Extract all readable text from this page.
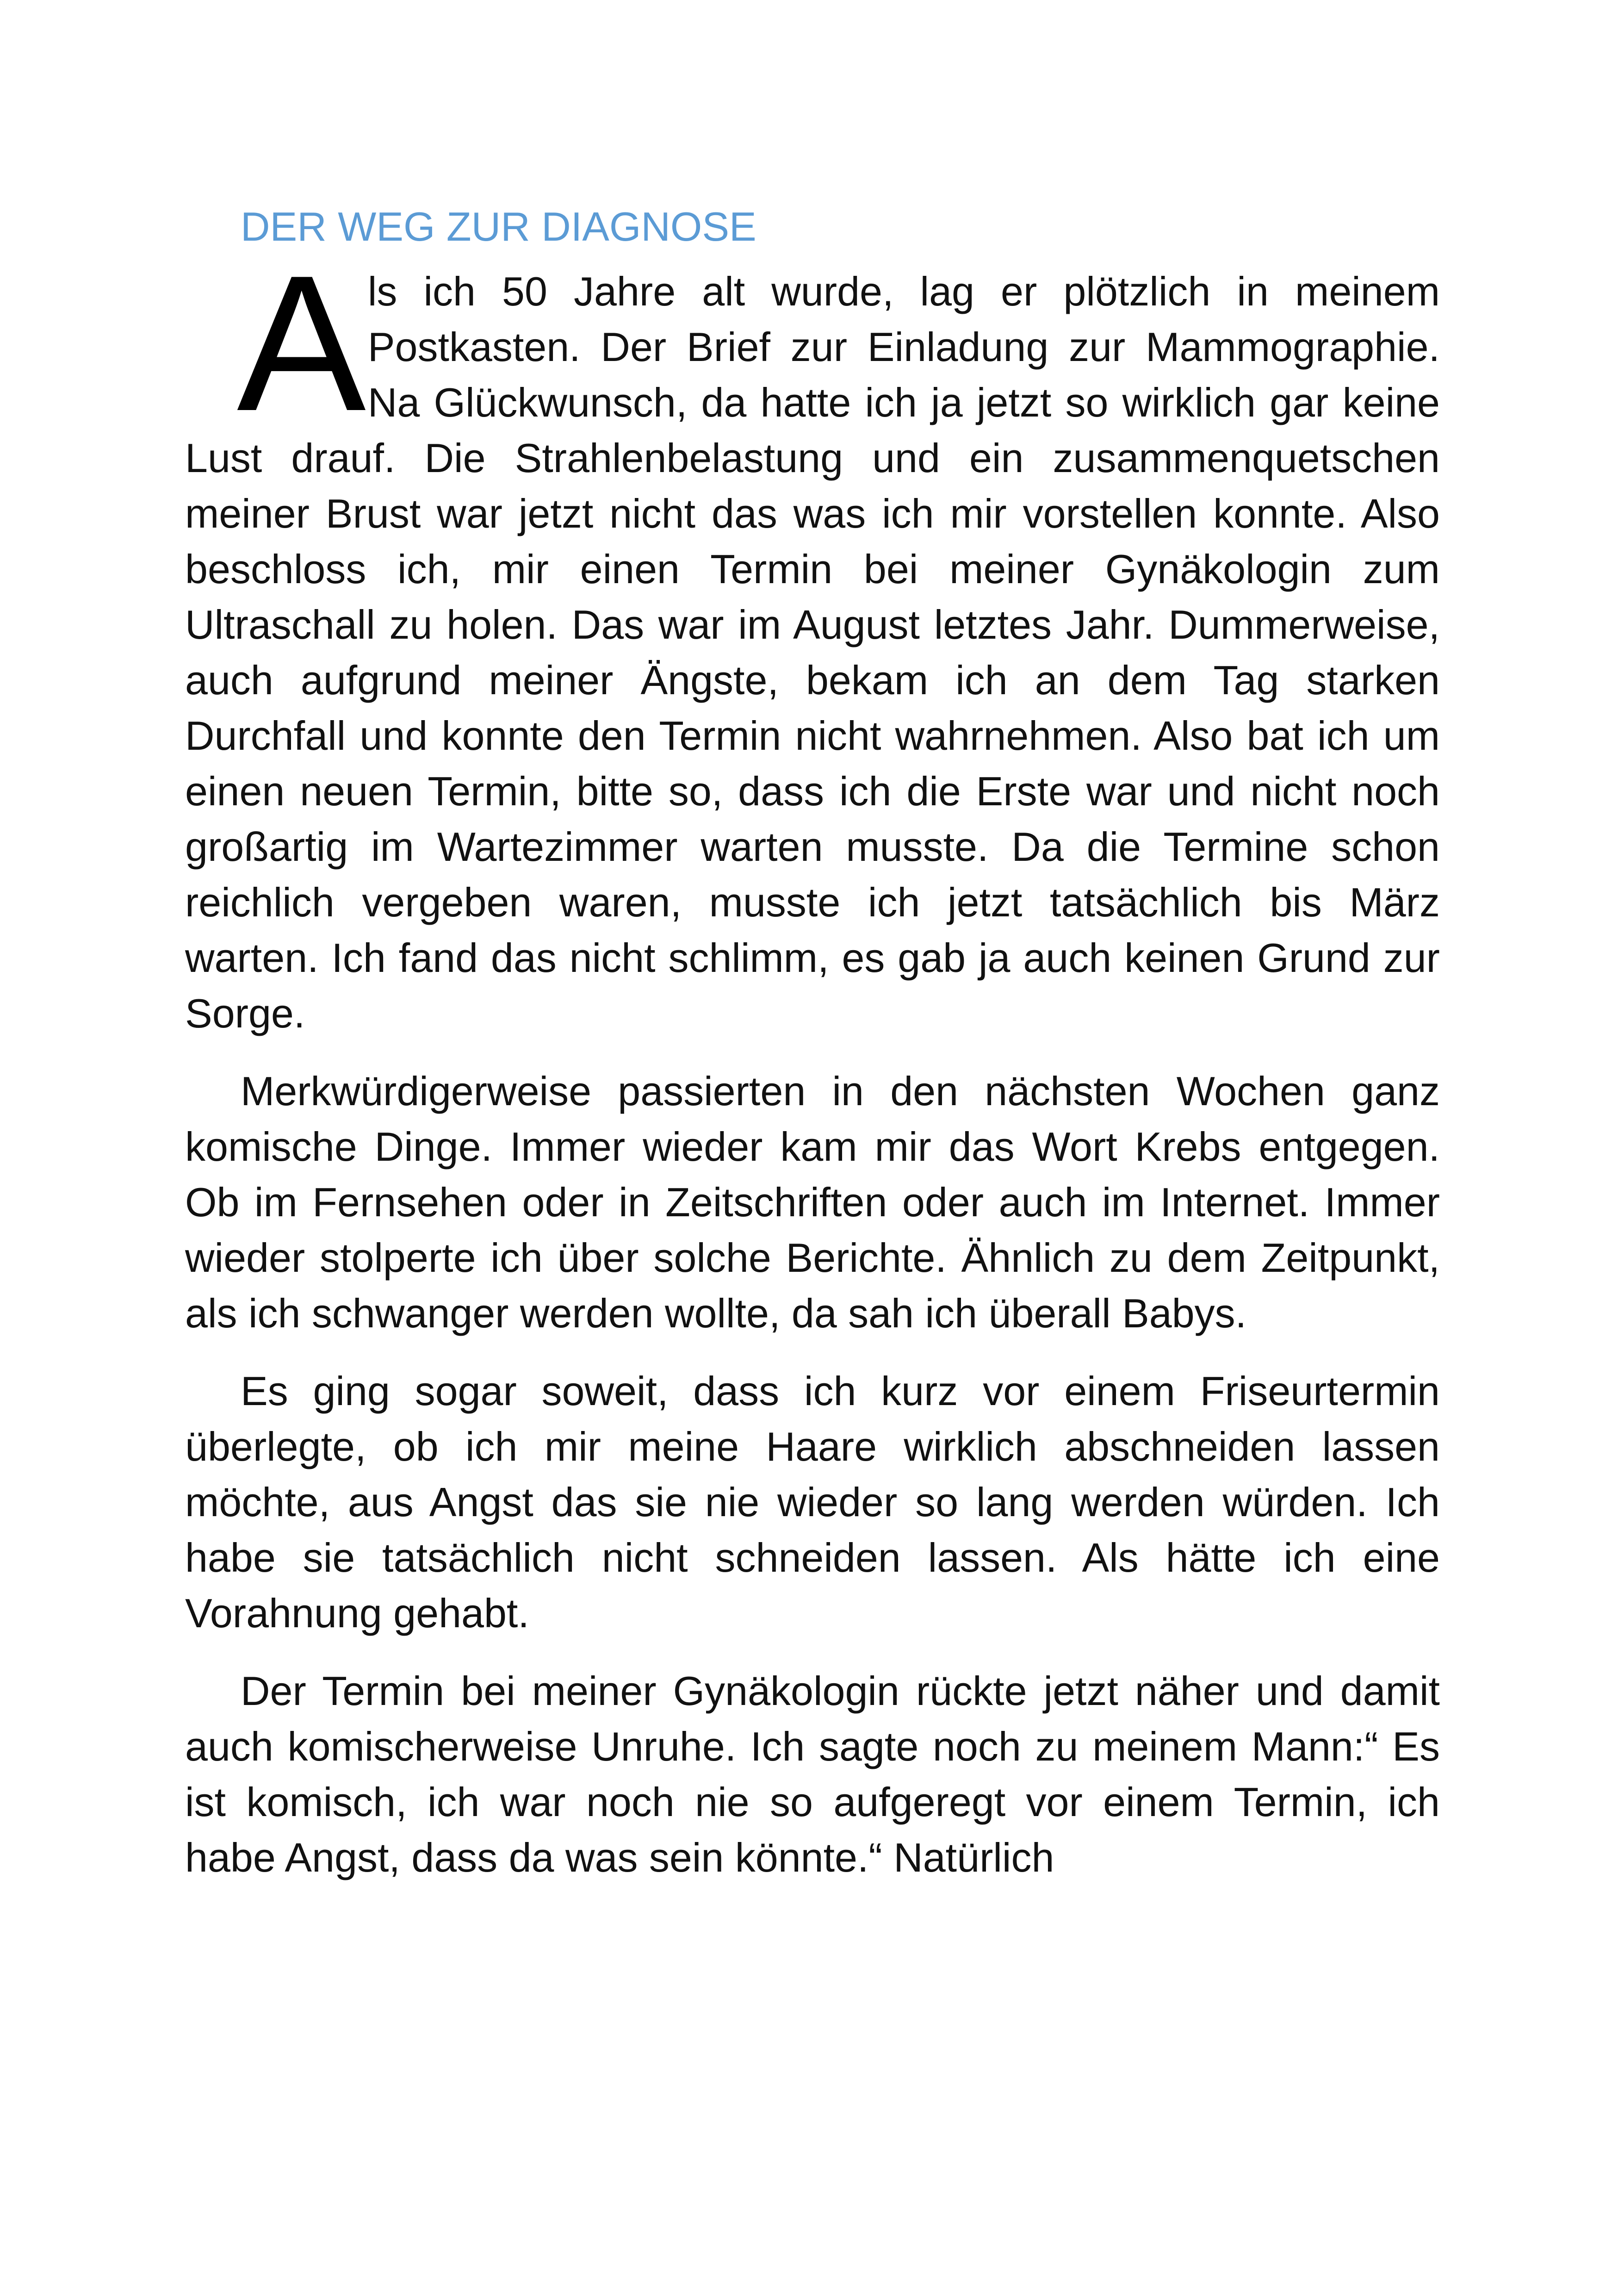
DER WEG ZUR DIAGNOSE

Als ich 50 Jahre alt wurde, lag er plötzlich in meinem Postkasten. Der Brief zur Einladung zur Mammographie. Na Glückwunsch, da hatte ich ja jetzt so wirklich gar keine Lust drauf. Die Strahlenbelastung und ein zusammenquetschen meiner Brust war jetzt nicht das was ich mir vorstellen konnte. Also beschloss ich, mir einen Termin bei meiner Gynäkologin zum Ultraschall zu holen. Das war im August letztes Jahr. Dummerweise, auch aufgrund meiner Ängste, bekam ich an dem Tag starken Durchfall und konnte den Termin nicht wahrnehmen. Also bat ich um einen neuen Termin, bitte so, dass ich die Erste war und nicht noch großartig im Wartezimmer warten musste. Da die Termine schon reichlich vergeben waren, musste ich jetzt tatsächlich bis März warten. Ich fand das nicht schlimm, es gab ja auch keinen Grund zur Sorge.

Merkwürdigerweise passierten in den nächsten Wochen ganz komische Dinge. Immer wieder kam mir das Wort Krebs entgegen. Ob im Fernsehen oder in Zeitschriften oder auch im Internet. Immer wieder stolperte ich über solche Berichte. Ähnlich zu dem Zeitpunkt, als ich schwanger werden wollte, da sah ich überall Babys.

Es ging sogar soweit, dass ich kurz vor einem Friseurtermin überlegte, ob ich mir meine Haare wirklich abschneiden lassen möchte, aus Angst das sie nie wieder so lang werden würden. Ich habe sie tatsächlich nicht schneiden lassen. Als hätte ich eine Vorahnung gehabt.

Der Termin bei meiner Gynäkologin rückte jetzt näher und damit auch komischerweise Unruhe. Ich sagte noch zu meinem Mann:“ Es ist komisch, ich war noch nie so aufgeregt vor einem Termin, ich habe Angst, dass da was sein könnte.“ Natürlich
